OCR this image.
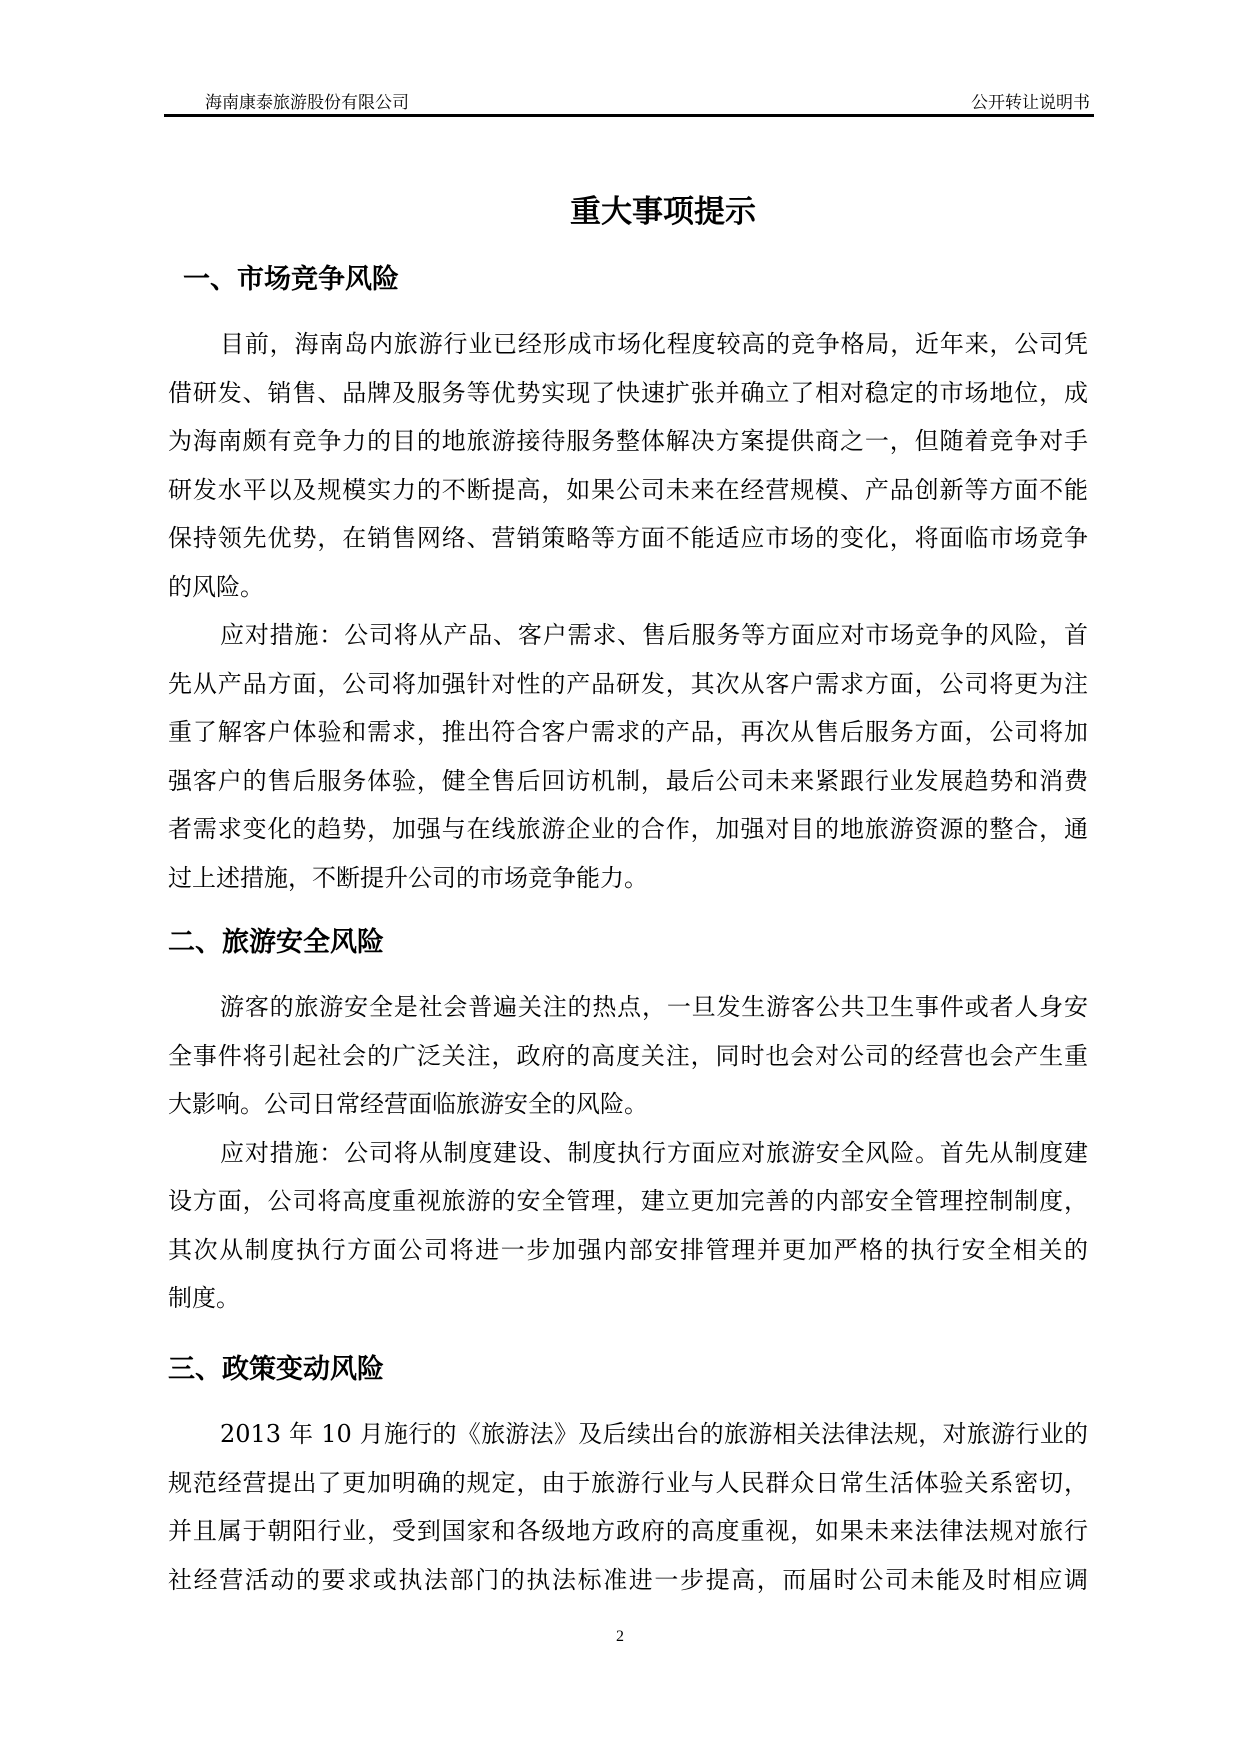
海南康泰旅游股份有限公司	公开转让说明书
重大事项提示
一、市场竞争风险
目前，海南岛内旅游行业已经形成市场化程度较高的竞争格局，近年来，公司凭
借研发、销售、品牌及服务等优势实现了快速扩张并确立了相对稳定的市场地位，成
为海南颇有竞争力的目的地旅游接待服务整体解决方案提供商之一，但随着竞争对手
研发水平以及规模实力的不断提高，如果公司未来在经营规模、产品创新等方面不能
保持领先优势，在销售网络、营销策略等方面不能适应市场的变化，将面临市场竞争
的风险。
应对措施：公司将从产品、客户需求、售后服务等方面应对市场竞争的风险，首
先从产品方面，公司将加强针对性的产品研发，其次从客户需求方面，公司将更为注
重了解客户体验和需求，推出符合客户需求的产品，再次从售后服务方面，公司将加
强客户的售后服务体验，健全售后回访机制，最后公司未来紧跟行业发展趋势和消费
者需求变化的趋势，加强与在线旅游企业的合作，加强对目的地旅游资源的整合，通
过上述措施，不断提升公司的市场竞争能力。
二、旅游安全风险
游客的旅游安全是社会普遍关注的热点，一旦发生游客公共卫生事件或者人身安
全事件将引起社会的广泛关注，政府的高度关注，同时也会对公司的经营也会产生重
大影响。公司日常经营面临旅游安全的风险。
应对措施：公司将从制度建设、制度执行方面应对旅游安全风险。首先从制度建
设方面，公司将高度重视旅游的安全管理，建立更加完善的内部安全管理控制制度，
其次从制度执行方面公司将进一步加强内部安排管理并更加严格的执行安全相关的
制度。
三、政策变动风险
2013 年 10 月施行的《旅游法》及后续出台的旅游相关法律法规，对旅游行业的
规范经营提出了更加明确的规定，由于旅游行业与人民群众日常生活体验关系密切，
并且属于朝阳行业，受到国家和各级地方政府的高度重视，如果未来法律法规对旅行
社经营活动的要求或执法部门的执法标准进一步提高，而届时公司未能及时相应调
2
